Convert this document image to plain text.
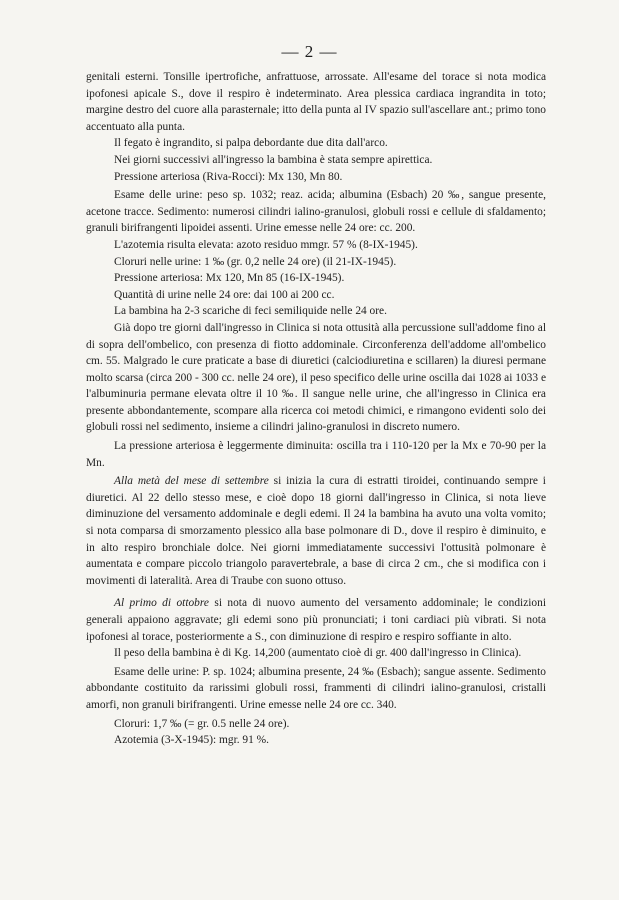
— 2 —

genitali esterni. Tonsille ipertrofiche, anfrattuose, arrossate. All'esame del torace si nota modica ipofonesi apicale S., dove il respiro è indeterminato. Area plessica cardiaca ingrandita in toto; margine destro del cuore alla parasternale; itto della punta al IV spazio sull'ascellare ant.; primo tono accentuato alla punta.

Il fegato è ingrandito, si palpa debordante due dita dall'arco.

Nei giorni successivi all'ingresso la bambina è stata sempre apirettica.

Pressione arteriosa (Riva-Rocci): Mx 130, Mn 80.

Esame delle urine: peso sp. 1032; reaz. acida; albumina (Esbach) 20 ‰, sangue presente, acetone tracce. Sedimento: numerosi cilindri ialino-granulosi, globuli rossi e cellule di sfaldamento; granuli birifrangenti lipoidei assenti. Urine emesse nelle 24 ore: cc. 200.

L'azotemia risulta elevata: azoto residuo mmgr. 57 % (8-IX-1945).

Cloruri nelle urine: 1 ‰ (gr. 0,2 nelle 24 ore) (il 21-IX-1945).

Pressione arteriosa: Mx 120, Mn 85 (16-IX-1945).

Quantità di urine nelle 24 ore: dai 100 ai 200 cc.

La bambina ha 2-3 scariche di feci semiliquide nelle 24 ore.

Già dopo tre giorni dall'ingresso in Clinica si nota ottusità alla percussione sull'addome fino al di sopra dell'ombelico, con presenza di fiotto addominale. Circonferenza dell'addome all'ombelico cm. 55. Malgrado le cure praticate a base di diuretici (calciodiuretina e scillaren) la diuresi permane molto scarsa (circa 200 - 300 cc. nelle 24 ore), il peso specifico delle urine oscilla dai 1028 ai 1033 e l'albuminuria permane elevata oltre il 10 ‰. Il sangue nelle urine, che all'ingresso in Clinica era presente abbondantemente, scompare alla ricerca coi metodi chimici, e rimangono evidenti solo dei globuli rossi nel sedimento, insieme a cilindri jalino-granulosi in discreto numero.

La pressione arteriosa è leggermente diminuita: oscilla tra i 110-120 per la Mx e 70-90 per la Mn.

Alla metà del mese di settembre si inizia la cura di estratti tiroidei, continuando sempre i diuretici. Al 22 dello stesso mese, e cioè dopo 18 giorni dall'ingresso in Clinica, si nota lieve diminuzione del versamento addominale e degli edemi. Il 24 la bambina ha avuto una volta vomito; si nota comparsa di smorzamento plessico alla base polmonare di D., dove il respiro è diminuito, e in alto respiro bronchiale dolce. Nei giorni immediatamente successivi l'ottusità polmonare è aumentata e compare piccolo triangolo paravertebrale, a base di circa 2 cm., che si modifica con i movimenti di lateralità. Area di Traube con suono ottuso.

Al primo di ottobre si nota di nuovo aumento del versamento addominale; le condizioni generali appaiono aggravate; gli edemi sono più pronunciati; i toni cardiaci più vibrati. Si nota ipofonesi al torace, posteriormente a S., con diminuzione di respiro e respiro soffiante in alto.

Il peso della bambina è di Kg. 14,200 (aumentato cioè di gr. 400 dall'ingresso in Clinica).

Esame delle urine: P. sp. 1024; albumina presente, 24 ‰ (Esbach); sangue assente. Sedimento abbondante costituito da rarissimi globuli rossi, frammenti di cilindri ialino-granulosi, cristalli amorfi, non granuli birifrangenti. Urine emesse nelle 24 ore cc. 340.

Cloruri: 1,7 ‰ (= gr. 0.5 nelle 24 ore).

Azotemia (3-X-1945): mgr. 91 %.
